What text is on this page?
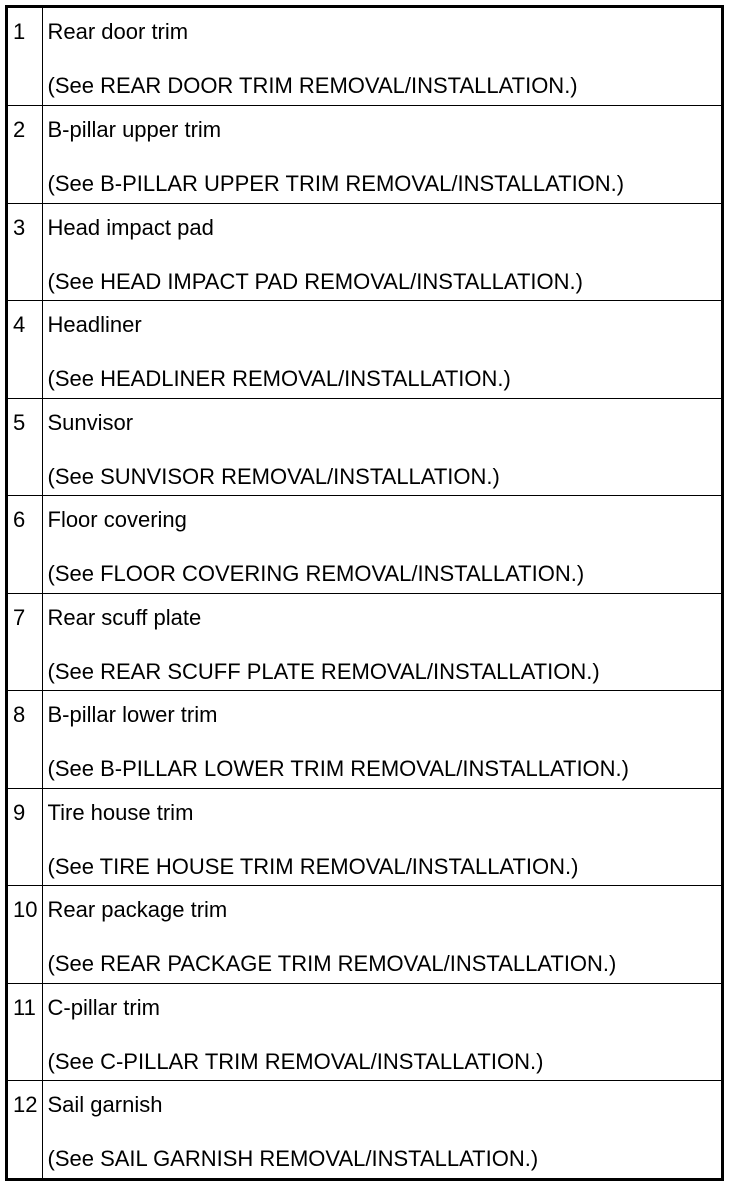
1	Rear door trim
(See REAR DOOR TRIM REMOVAL/INSTALLATION.)

2	B-pillar upper trim
(See B-PILLAR UPPER TRIM REMOVAL/INSTALLATION.)

3	Head impact pad
(See HEAD IMPACT PAD REMOVAL/INSTALLATION.)

4	Headliner
(See HEADLINER REMOVAL/INSTALLATION.)

5	Sunvisor
(See SUNVISOR REMOVAL/INSTALLATION.)

6	Floor covering
(See FLOOR COVERING REMOVAL/INSTALLATION.)

7	Rear scuff plate
(See REAR SCUFF PLATE REMOVAL/INSTALLATION.)

8	B-pillar lower trim
(See B-PILLAR LOWER TRIM REMOVAL/INSTALLATION.)

9	Tire house trim
(See TIRE HOUSE TRIM REMOVAL/INSTALLATION.)

10	Rear package trim
(See REAR PACKAGE TRIM REMOVAL/INSTALLATION.)

11	C-pillar trim
(See C-PILLAR TRIM REMOVAL/INSTALLATION.)

12	Sail garnish
(See SAIL GARNISH REMOVAL/INSTALLATION.)
